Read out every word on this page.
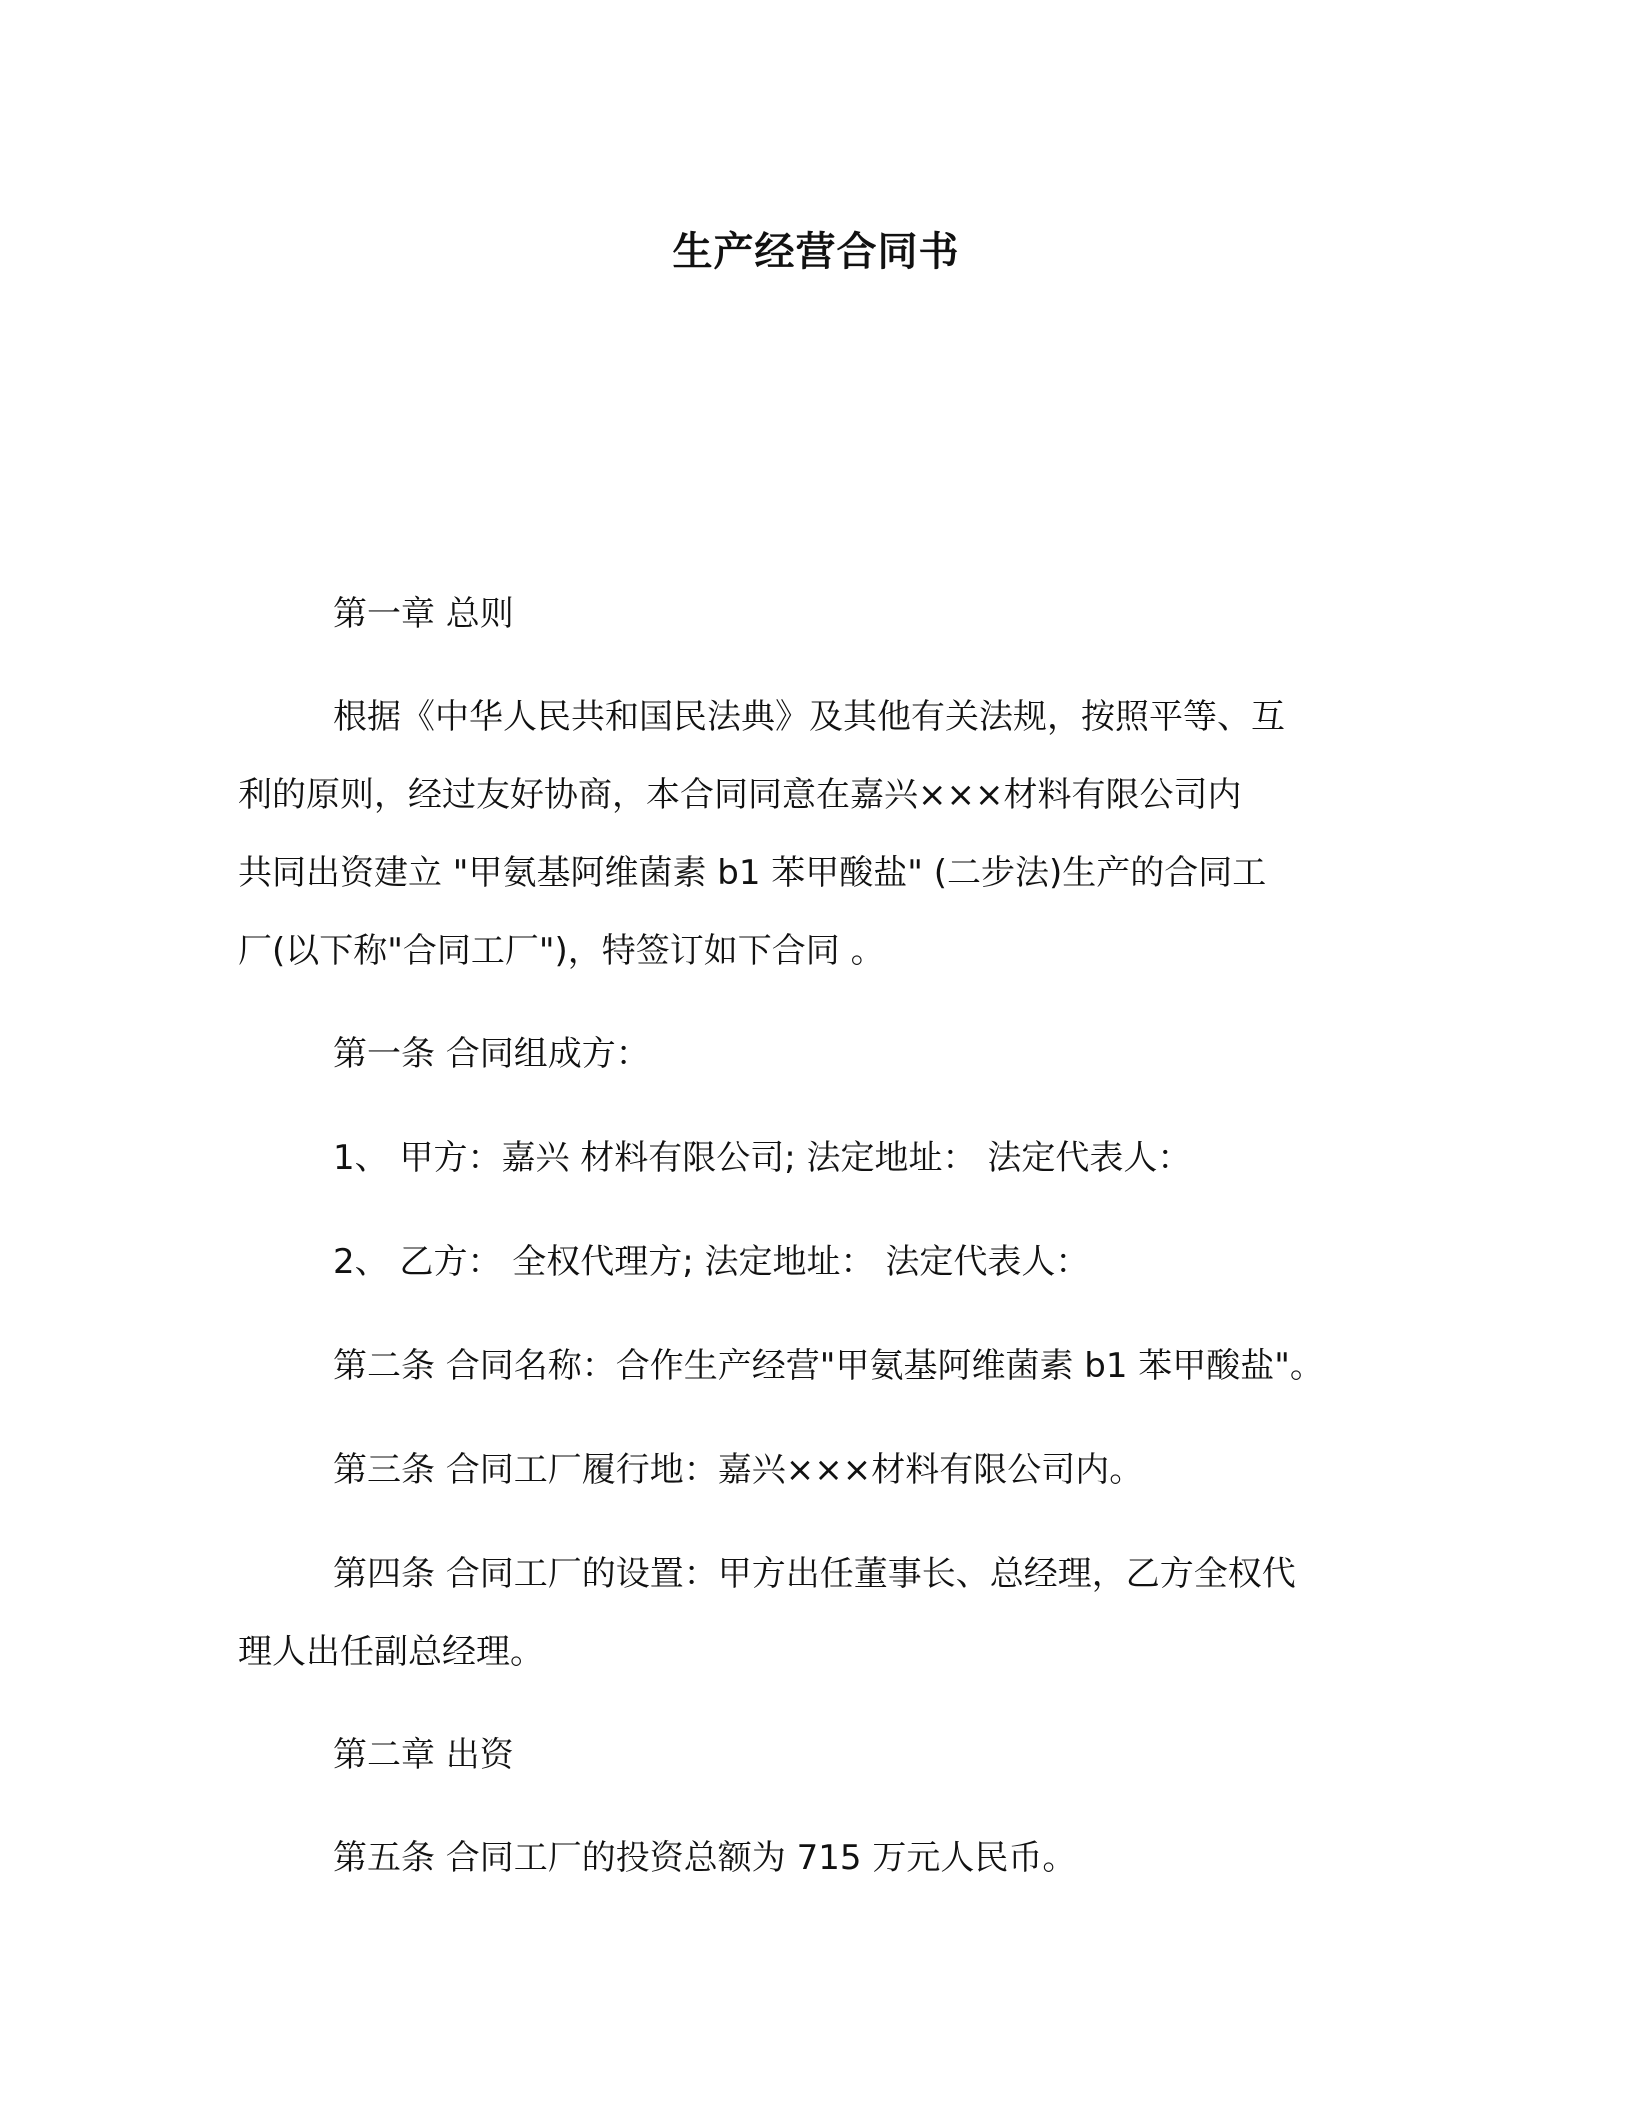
生产经营合同书
第一章 总则
根据《中华人民共和国民法典》及其他有关法规，按照平等、互
利的原则，经过友好协商，本合同同意在嘉兴×××材料有限公司内
共同出资建立 "甲氨基阿维菌素 b1 苯甲酸盐" (二步法)生产的合同工
厂(以下称"合同工厂")，特签订如下合同 。
第一条 合同组成方：
1、 甲方：嘉兴 材料有限公司; 法定地址： 法定代表人：
2、 乙方： 全权代理方; 法定地址： 法定代表人：
第二条 合同名称：合作生产经营"甲氨基阿维菌素 b1 苯甲酸盐"。
第三条 合同工厂履行地：嘉兴×××材料有限公司内。
第四条 合同工厂的设置：甲方出任董事长、总经理，乙方全权代
理人出任副总经理。
第二章 出资
第五条 合同工厂的投资总额为 715 万元人民币。
